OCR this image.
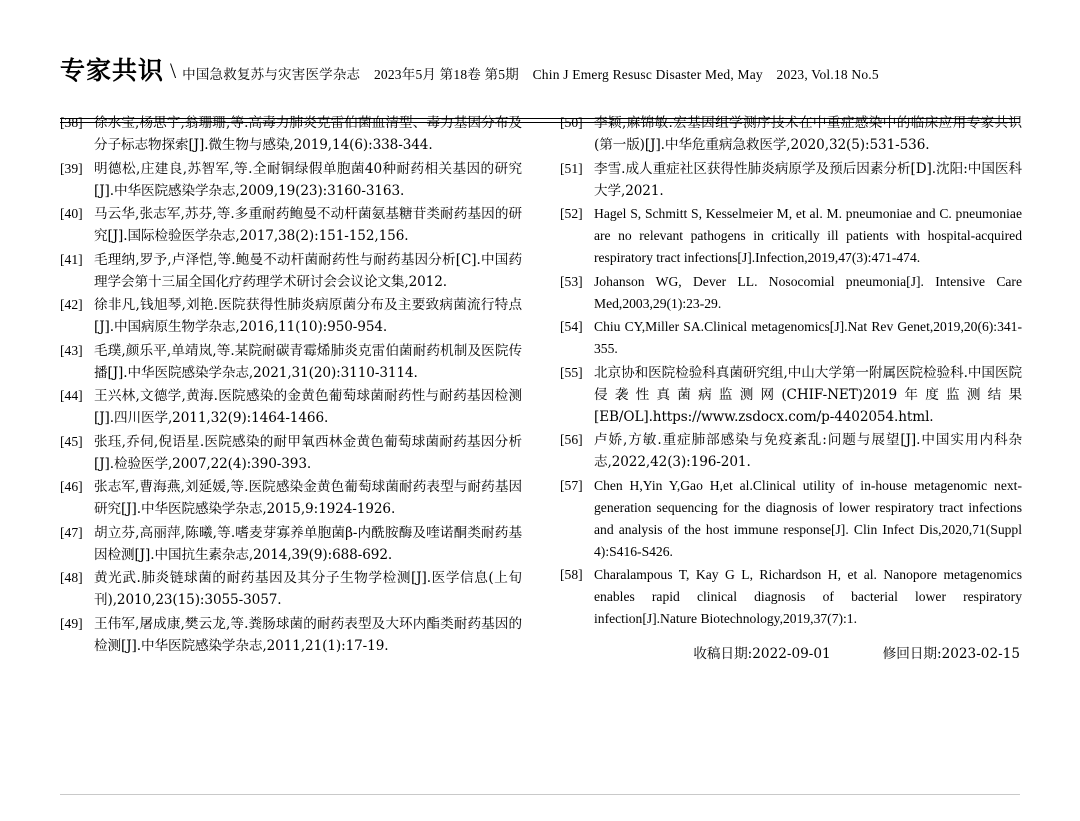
专家共识 \ 中国急救复苏与灾害医学杂志　2023年5月 第18卷 第5期　Chin J Emerg Resusc Disaster Med, May　2023, Vol.18 No.5
[38] 徐水宝,杨思宇,翁珊珊,等.高毒力肺炎克雷伯菌血清型、毒力基因分布及分子标志物探索[J].微生物与感染,2019,14(6):338-344.
[39] 明德松,庄建良,苏智军,等.全耐铜绿假单胞菌40种耐药相关基因的研究[J].中华医院感染学杂志,2009,19(23):3160-3163.
[40] 马云华,张志军,苏芬,等.多重耐药鲍曼不动杆菌氨基糖苷类耐药基因的研究[J].国际检验医学杂志,2017,38(2):151-152,156.
[41] 毛理纳,罗予,卢泽恺,等.鲍曼不动杆菌耐药性与耐药基因分析[C].中国药理学会第十三届全国化疗药理学术研讨会会议论文集,2012.
[42] 徐非凡,钱旭琴,刘艳.医院获得性肺炎病原菌分布及主要致病菌流行特点[J].中国病原生物学杂志,2016,11(10):950-954.
[43] 毛璞,颜乐平,单靖岚,等.某院耐碳青霉烯肺炎克雷伯菌耐药机制及医院传播[J].中华医院感染学杂志,2021,31(20):3110-3114.
[44] 王兴林,文德学,黄海.医院感染的金黄色葡萄球菌耐药性与耐药基因检测[J].四川医学,2011,32(9):1464-1466.
[45] 张珏,乔伺,倪语星.医院感染的耐甲氧西林金黄色葡萄球菌耐药基因分析[J].检验医学,2007,22(4):390-393.
[46] 张志军,曹海燕,刘延媛,等.医院感染金黄色葡萄球菌耐药表型与耐药基因研究[J].中华医院感染学杂志,2015,9:1924-1926.
[47] 胡立芬,高丽萍,陈曦,等.嗜麦芽寡养单胞菌β-内酰胺酶及喹诺酮类耐药基因检测[J].中国抗生素杂志,2014,39(9):688-692.
[48] 黄光武.肺炎链球菌的耐药基因及其分子生物学检测[J].医学信息(上旬刊),2010,23(15):3055-3057.
[49] 王伟军,屠成康,樊云龙,等.粪肠球菌的耐药表型及大环内酯类耐药基因的检测[J].中华医院感染学杂志,2011,21(1):17-19.
[50] 李颖,麻锦敏.宏基因组学测序技术在中重症感染中的临床应用专家共识(第一版)[J].中华危重病急救医学,2020,32(5):531-536.
[51] 李雪.成人重症社区获得性肺炎病原学及预后因素分析[D].沈阳:中国医科大学,2021.
[52] Hagel S, Schmitt S, Kesselmeier M, et al. M. pneumoniae and C. pneumoniae are no relevant pathogens in critically ill patients with hospital-acquired respiratory tract infections[J].Infection,2019,47(3):471-474.
[53] Johanson WG, Dever LL. Nosocomial pneumonia[J]. Intensive Care Med,2003,29(1):23-29.
[54] Chiu CY,Miller SA.Clinical metagenomics[J].Nat Rev Genet,2019,20(6):341-355.
[55] 北京协和医院检验科真菌研究组,中山大学第一附属医院检验科.中国医院侵袭性真菌病监测网(CHIF-NET)2019年度监测结果[EB/OL].https://www.zsdocx.com/p-4402054.html.
[56] 卢娇,方敏.重症肺部感染与免疫紊乱:问题与展望[J].中国实用内科杂志,2022,42(3):196-201.
[57] Chen H,Yin Y,Gao H,et al.Clinical utility of in-house metagenomic next-generation sequencing for the diagnosis of lower respiratory tract infections and analysis of the host immune response[J]. Clin Infect Dis,2020,71(Suppl 4):S416-S426.
[58] Charalampous T, Kay G L, Richardson H, et al. Nanopore metagenomics enables rapid clinical diagnosis of bacterial lower respiratory infection[J].Nature Biotechnology,2019,37(7):1.
收稿日期:2022-09-01	修回日期:2023-02-15
